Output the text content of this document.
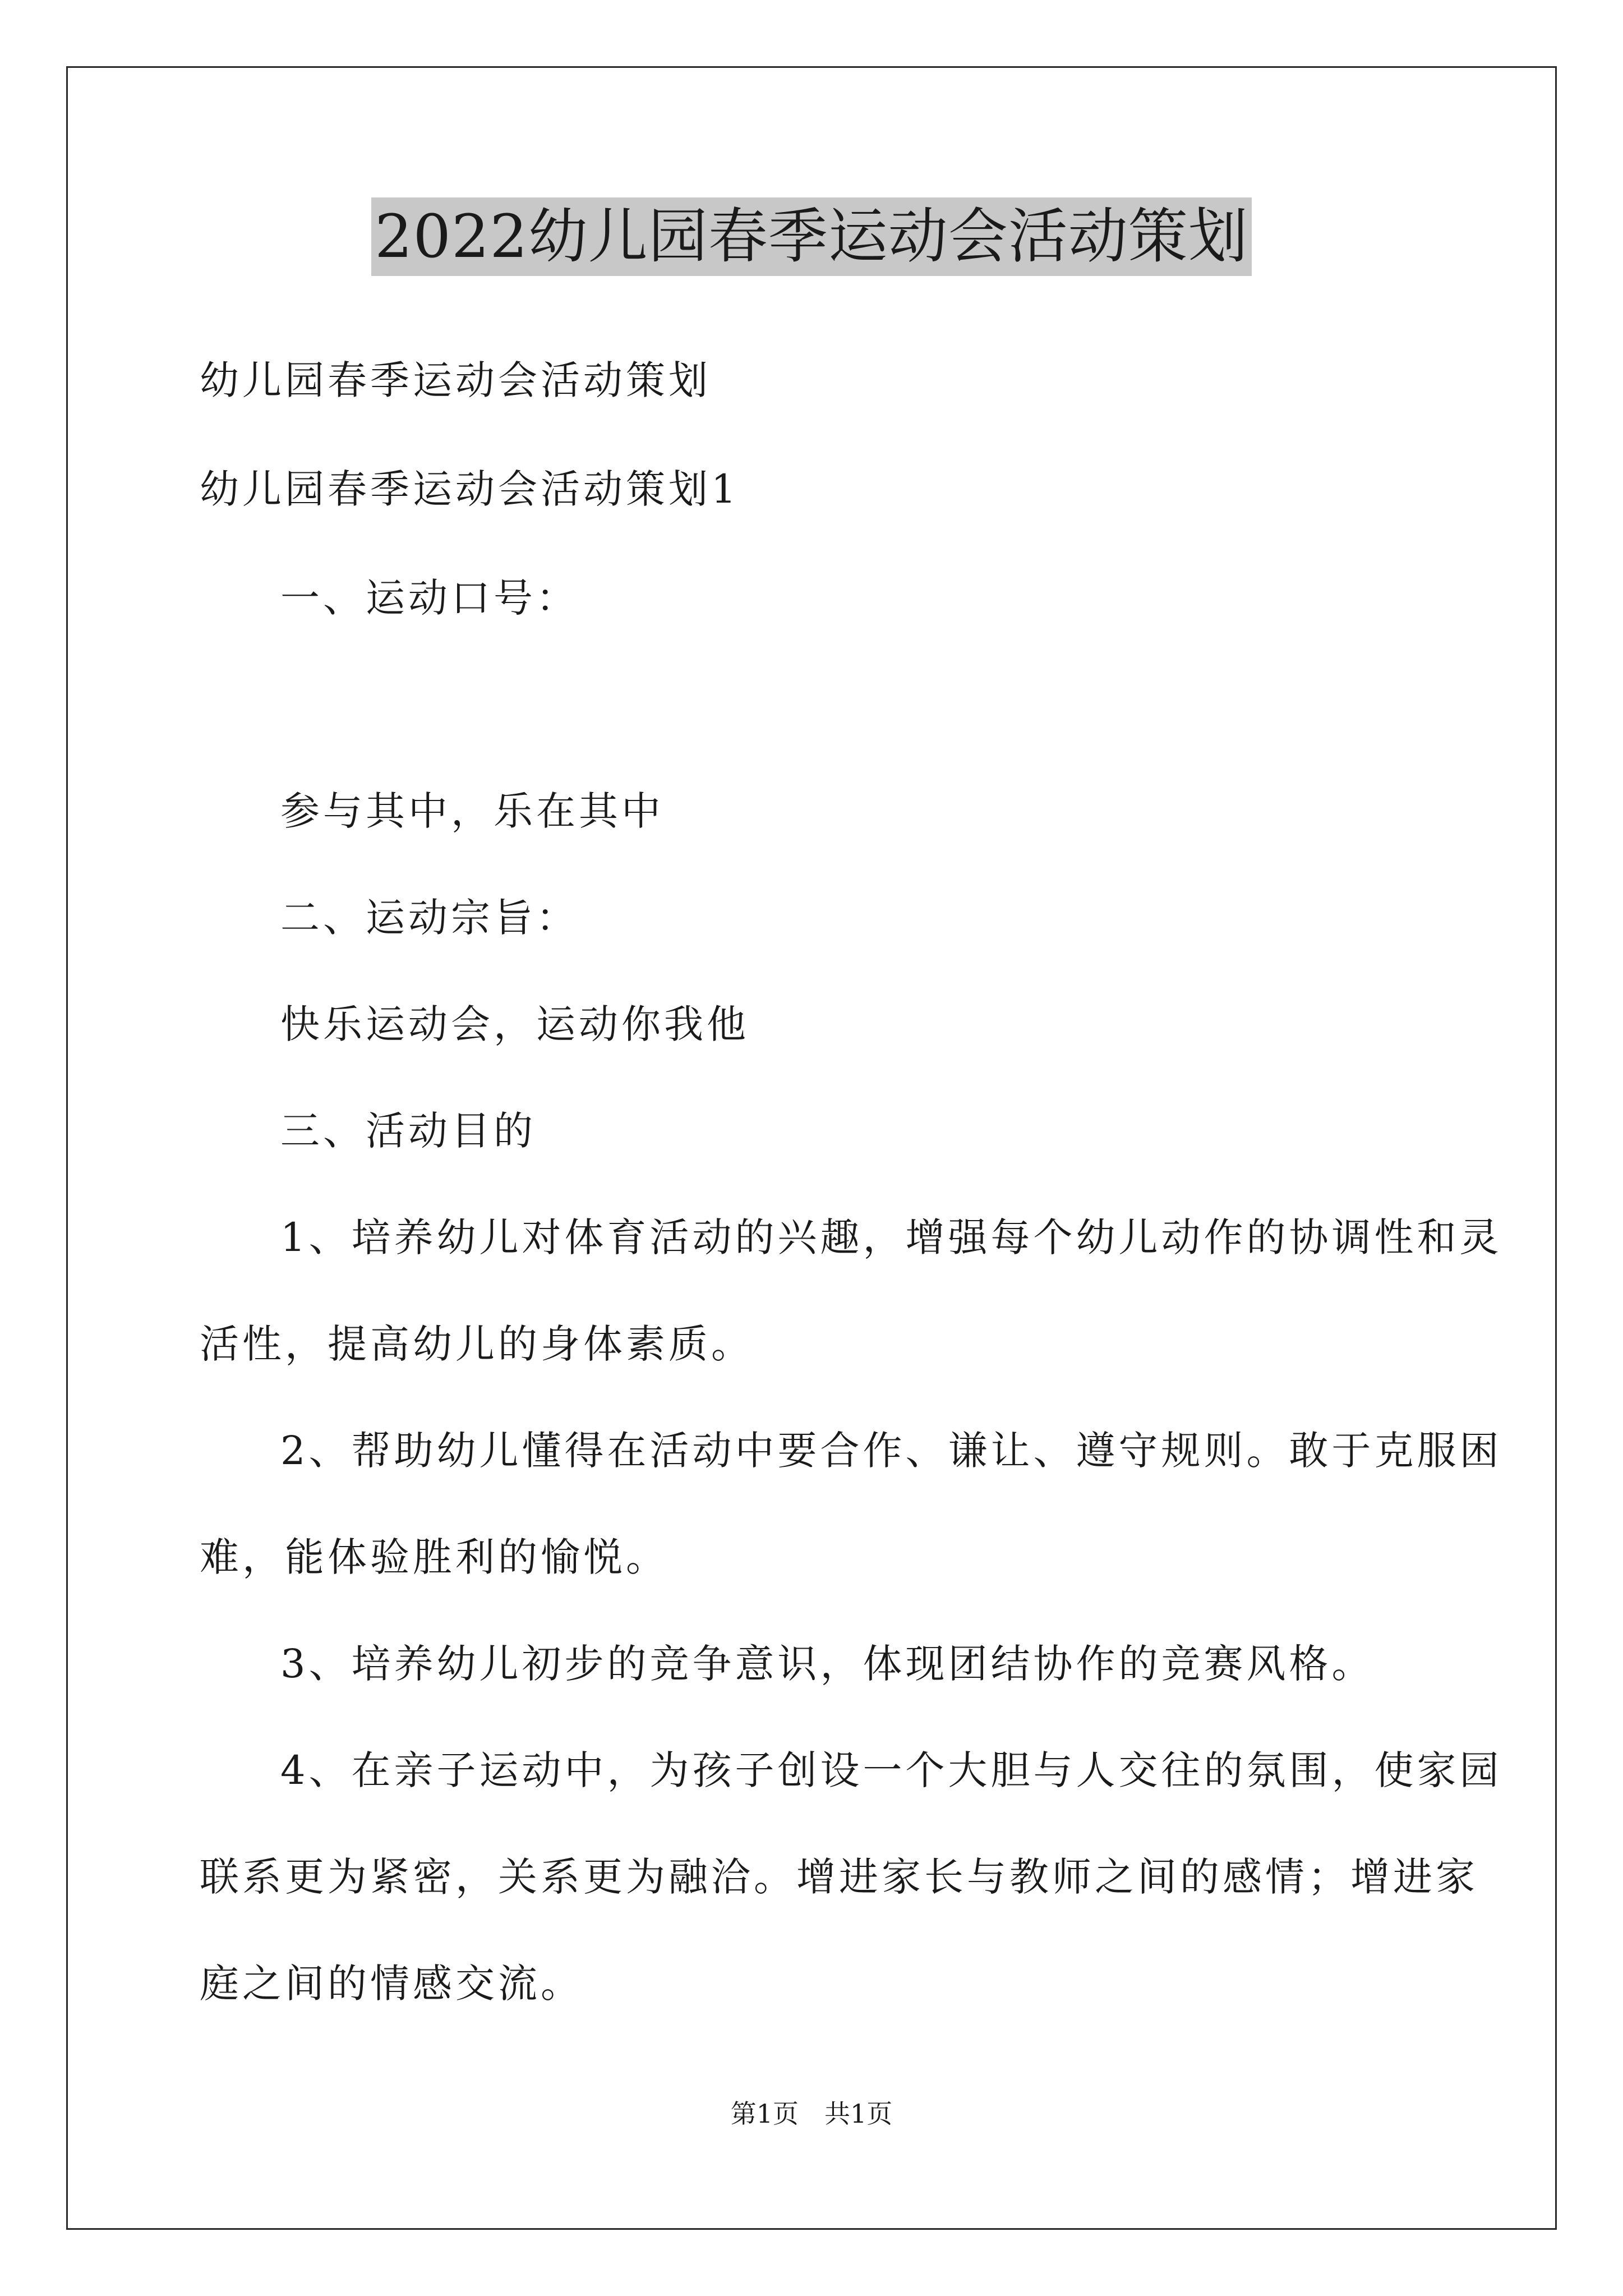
2022幼儿园春季运动会活动策划
幼儿园春季运动会活动策划
幼儿园春季运动会活动策划1
一、运动口号：
参与其中，乐在其中
二、运动宗旨：
快乐运动会，运动你我他
三、活动目的
1、培养幼儿对体育活动的兴趣，增强每个幼儿动作的协调性和灵
活性，提高幼儿的身体素质。
2、帮助幼儿懂得在活动中要合作、谦让、遵守规则。敢于克服困
难，能体验胜利的愉悦。
3、培养幼儿初步的竞争意识，体现团结协作的竞赛风格。
4、在亲子运动中，为孩子创设一个大胆与人交往的氛围，使家园
联系更为紧密，关系更为融洽。增进家长与教师之间的感情；增进家
庭之间的情感交流。
第1页 共1页
